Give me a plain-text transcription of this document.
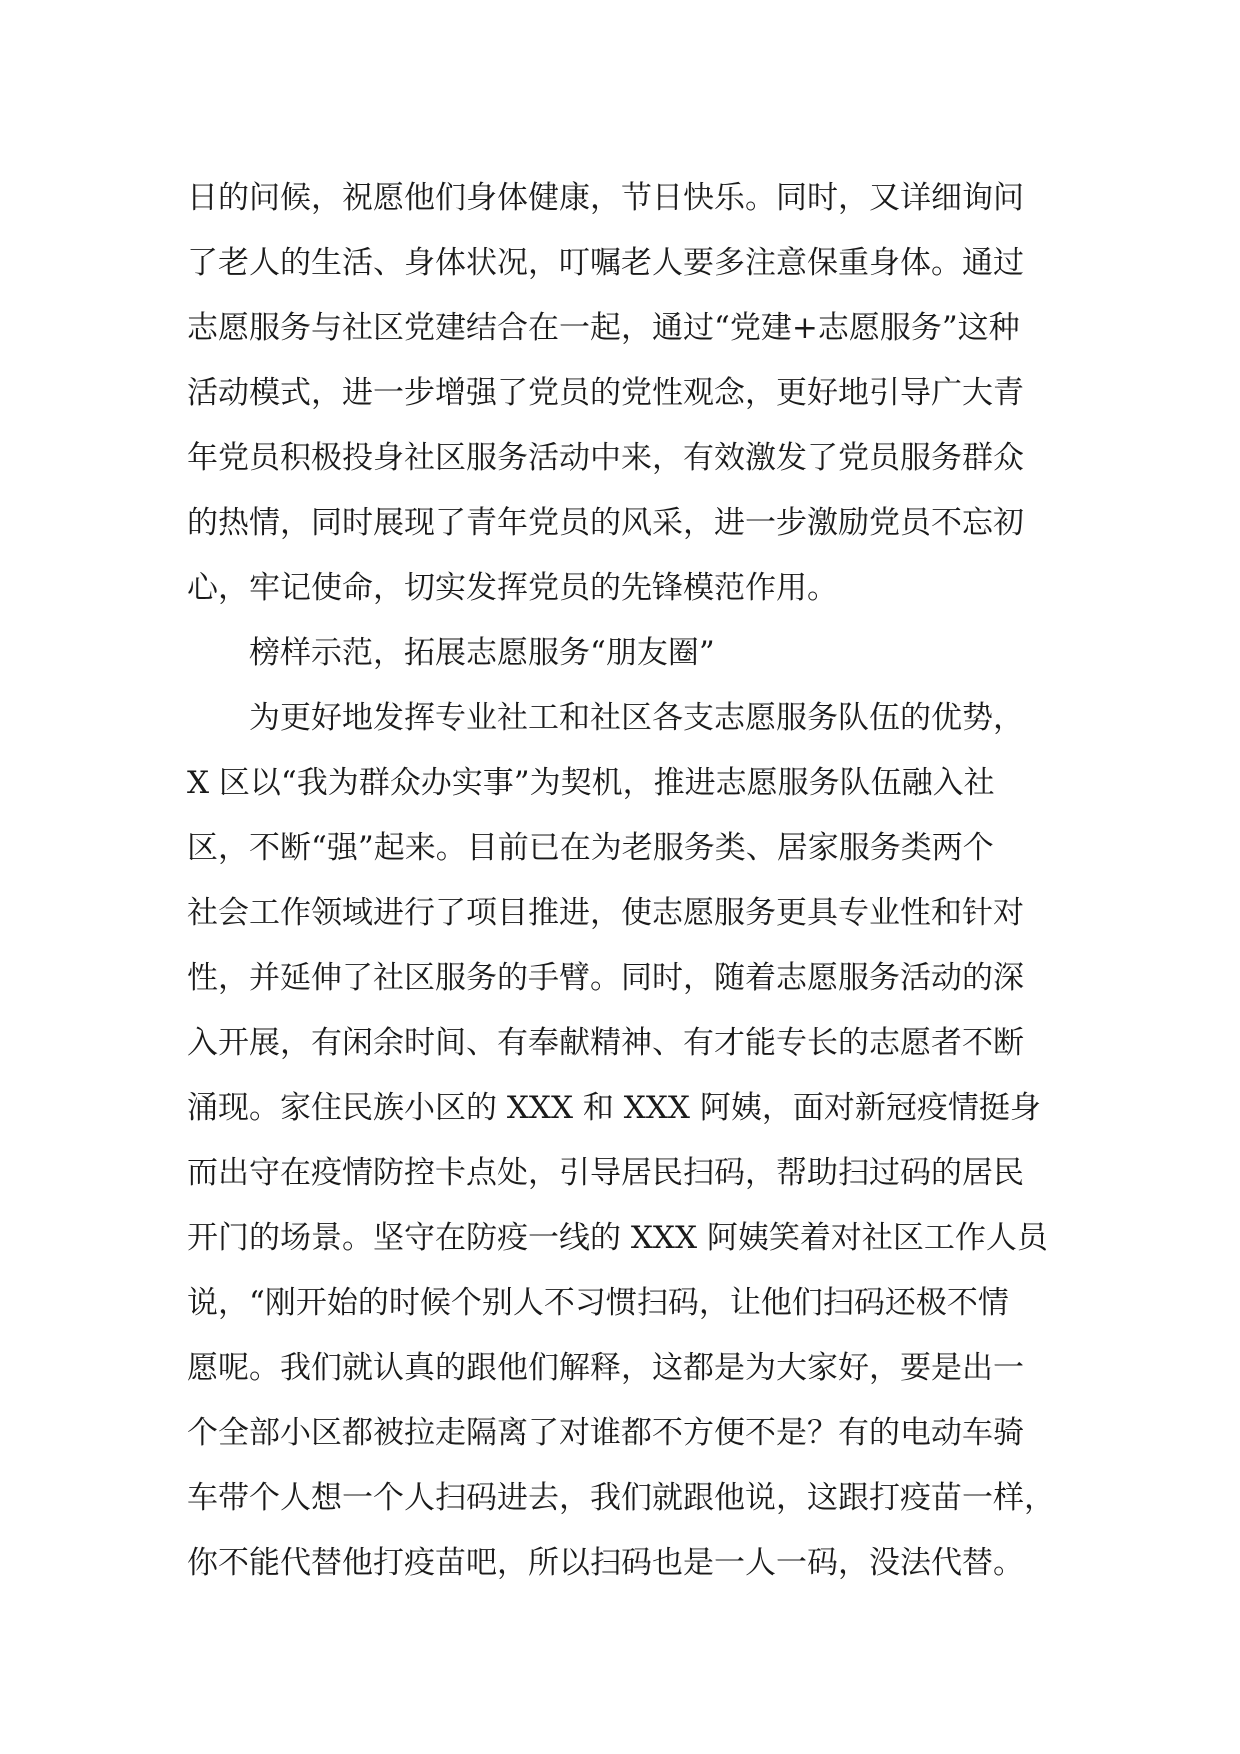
日的问候，祝愿他们身体健康，节日快乐。同时，又详细询问
了老人的生活、身体状况，叮嘱老人要多注意保重身体。通过
志愿服务与社区党建结合在一起，通过“党建+志愿服务”这种
活动模式，进一步增强了党员的党性观念，更好地引导广大青
年党员积极投身社区服务活动中来，有效激发了党员服务群众
的热情，同时展现了青年党员的风采，进一步激励党员不忘初
心，牢记使命，切实发挥党员的先锋模范作用。
榜样示范，拓展志愿服务“朋友圈”
为更好地发挥专业社工和社区各支志愿服务队伍的优势，
X 区以“我为群众办实事”为契机，推进志愿服务队伍融入社
区，不断“强”起来。目前已在为老服务类、居家服务类两个
社会工作领域进行了项目推进，使志愿服务更具专业性和针对
性，并延伸了社区服务的手臂。同时，随着志愿服务活动的深
入开展，有闲余时间、有奉献精神、有才能专长的志愿者不断
涌现。家住民族小区的 XXX 和 XXX 阿姨，面对新冠疫情挺身
而出守在疫情防控卡点处，引导居民扫码，帮助扫过码的居民
开门的场景。坚守在防疫一线的 XXX 阿姨笑着对社区工作人员
说，“刚开始的时候个别人不习惯扫码，让他们扫码还极不情
愿呢。我们就认真的跟他们解释，这都是为大家好，要是出一
个全部小区都被拉走隔离了对谁都不方便不是？有的电动车骑
车带个人想一个人扫码进去，我们就跟他说，这跟打疫苗一样，
你不能代替他打疫苗吧，所以扫码也是一人一码，没法代替。
